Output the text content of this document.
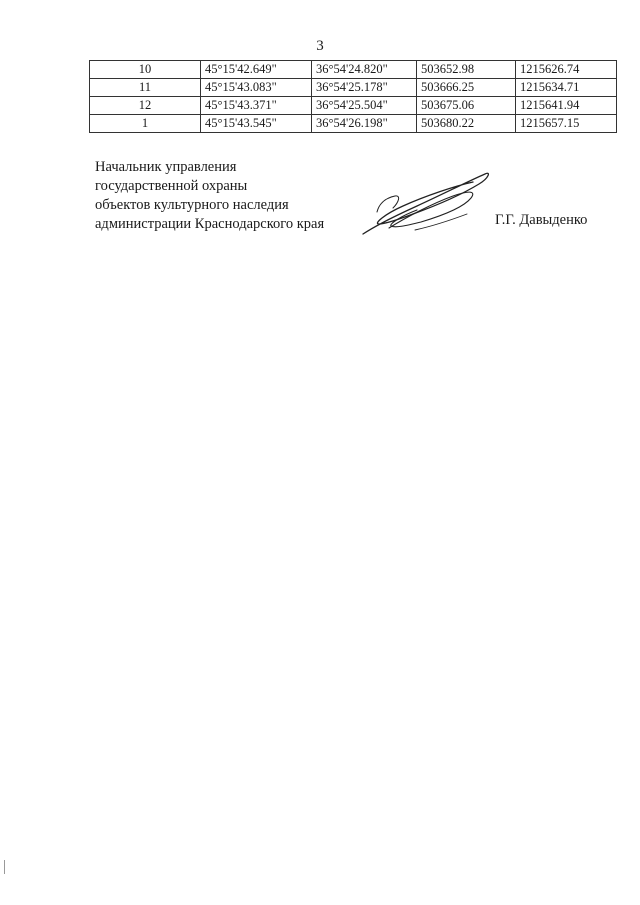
3
10	45°15'42.649"	36°54'24.820"	503652.98	1215626.74
11	45°15'43.083"	36°54'25.178"	503666.25	1215634.71
12	45°15'43.371"	36°54'25.504"	503675.06	1215641.94
1	45°15'43.545"	36°54'26.198"	503680.22	1215657.15
Начальник управления
государственной охраны
объектов культурного наследия
администрации Краснодарского края	Г.Г. Давыденко
